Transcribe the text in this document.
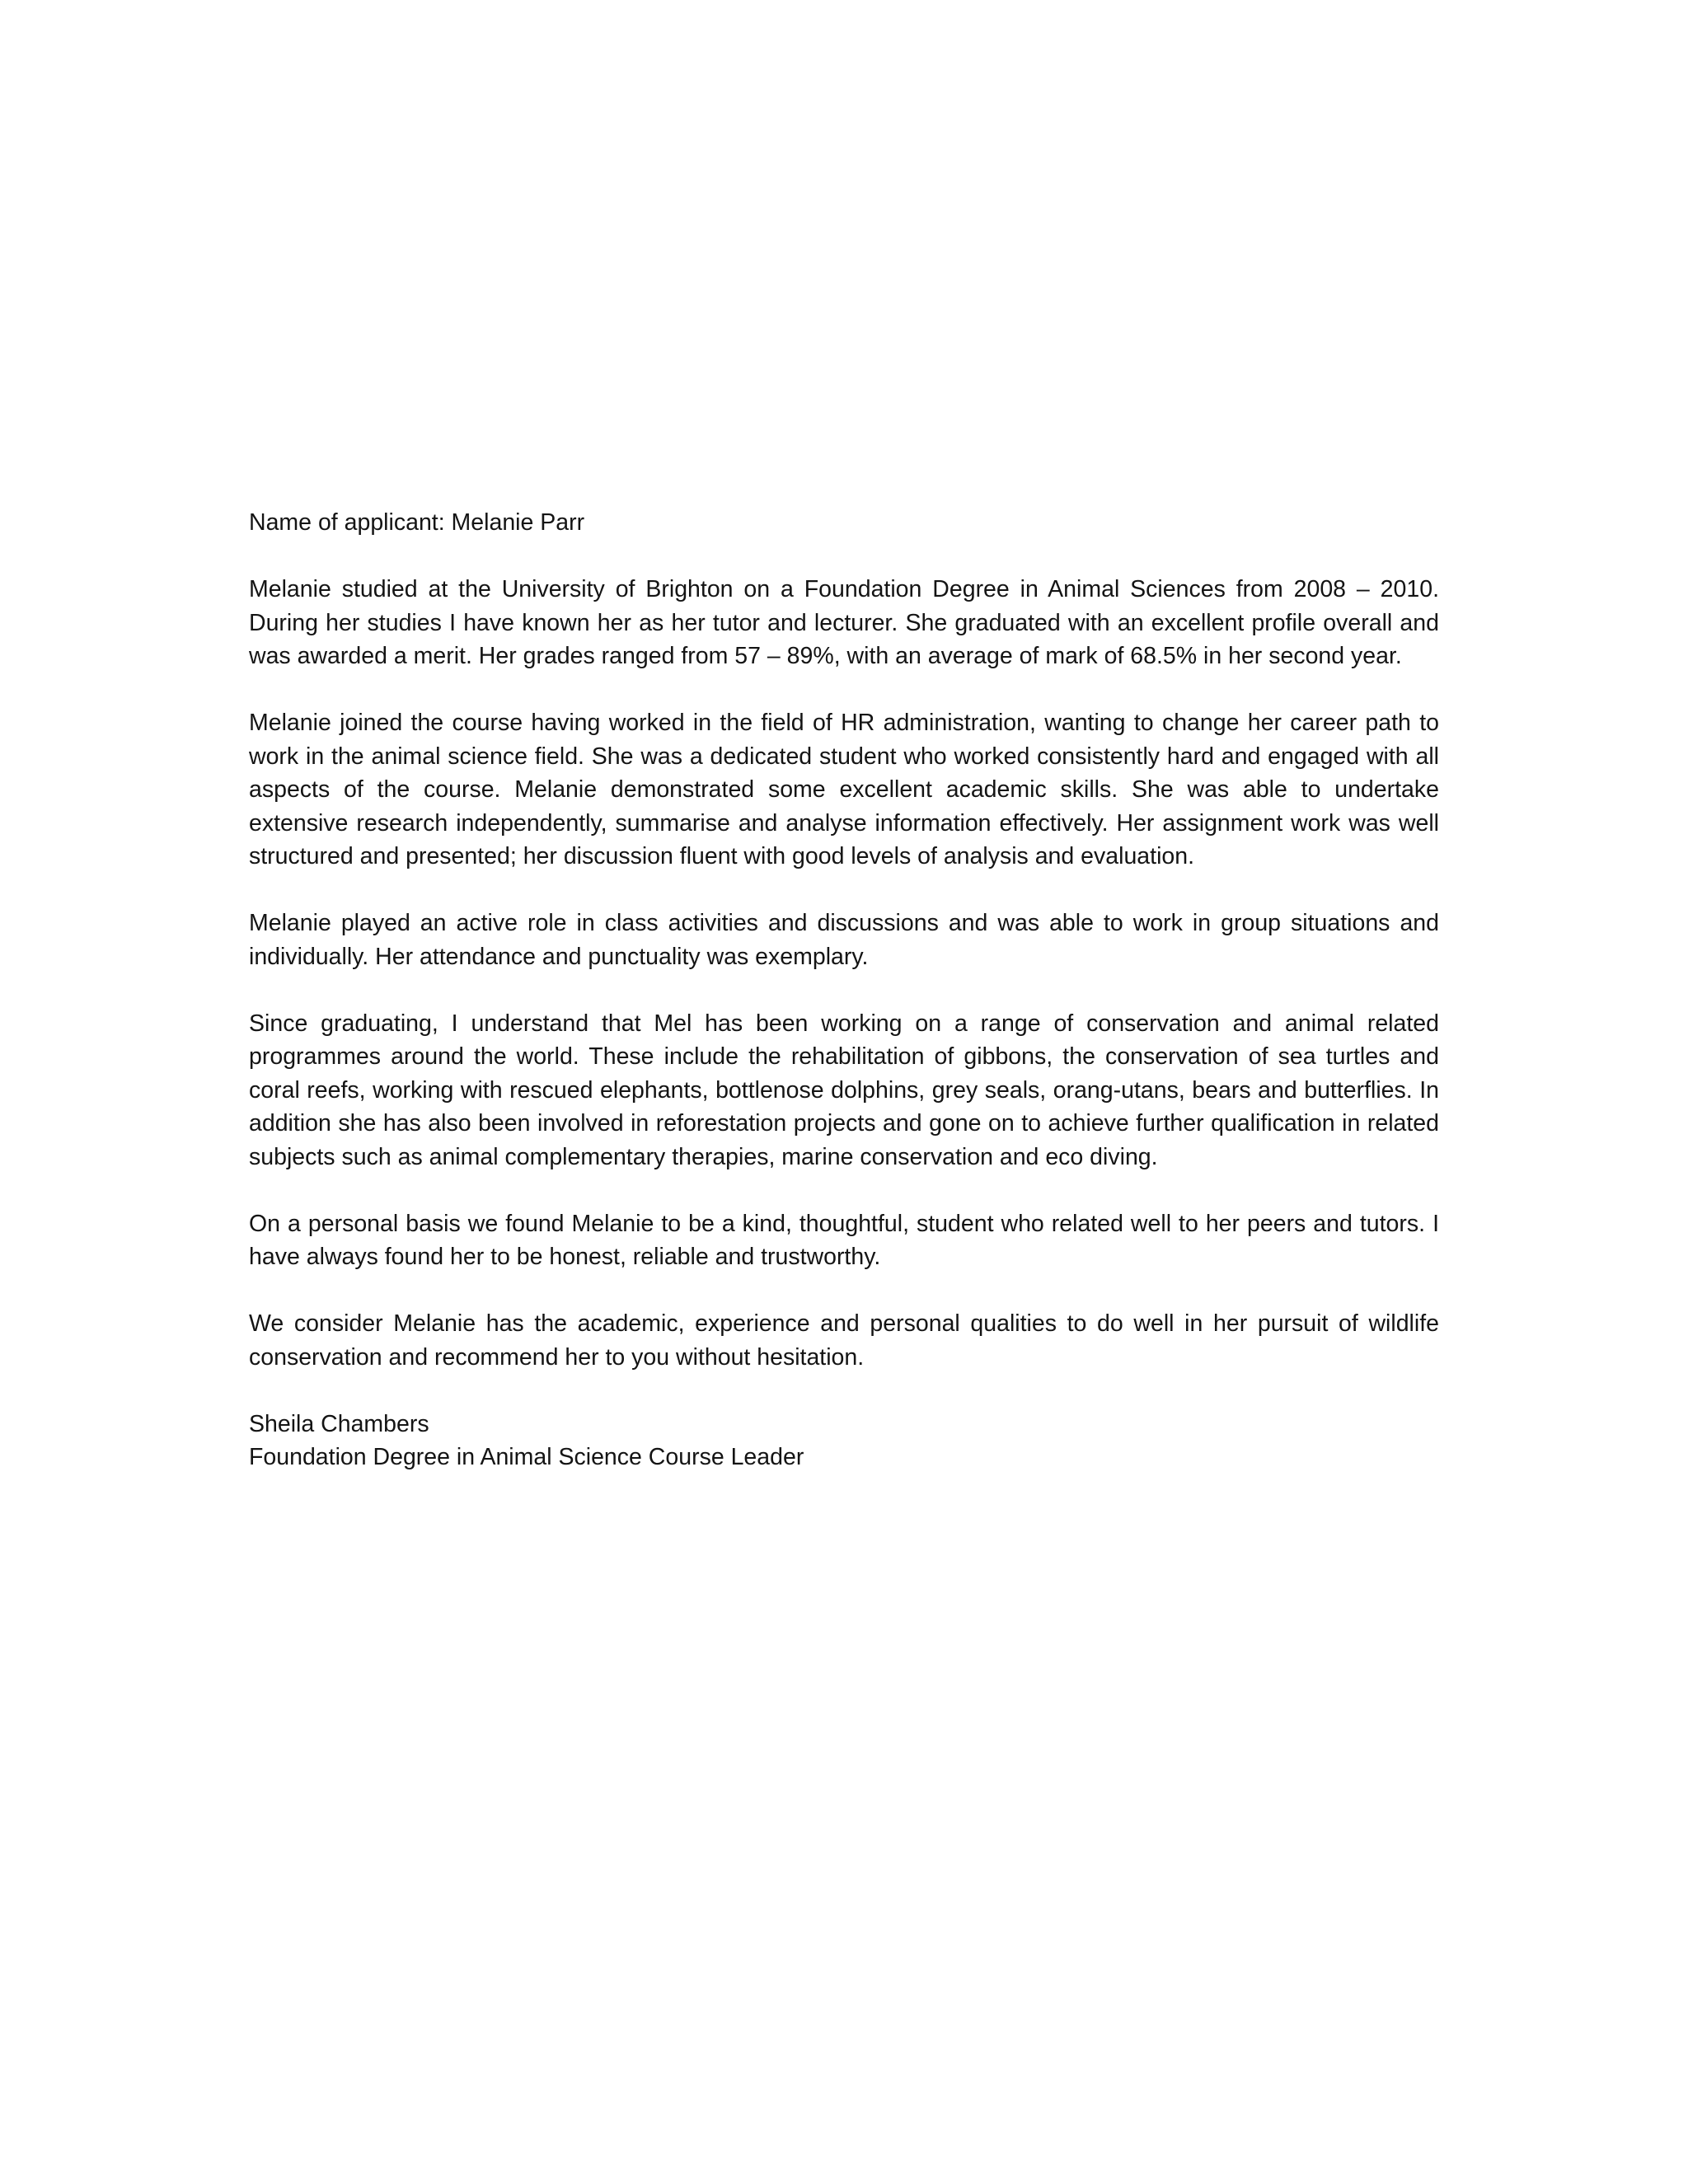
Name of applicant: Melanie Parr

Melanie studied at the University of Brighton on a Foundation Degree in Animal Sciences from 2008 – 2010. During her studies I have known her as her tutor and lecturer. She graduated with an excellent profile overall and was awarded a merit. Her grades ranged from 57 – 89%, with an average of mark of 68.5% in her second year.

Melanie joined the course having worked in the field of HR administration, wanting to change her career path to work in the animal science field. She was a dedicated student who worked consistently hard and engaged with all aspects of the course. Melanie demonstrated some excellent academic skills. She was able to undertake extensive research independently, summarise and analyse information effectively. Her assignment work was well structured and presented; her discussion fluent with good levels of analysis and evaluation.

Melanie played an active role in class activities and discussions and was able to work in group situations and individually. Her attendance and punctuality was exemplary.

Since graduating, I understand that Mel has been working on a range of conservation and animal related programmes around the world. These include the rehabilitation of gibbons, the conservation of sea turtles and coral reefs, working with rescued elephants, bottlenose dolphins, grey seals, orang-utans, bears and butterflies. In addition she has also been involved in reforestation projects and gone on to achieve further qualification in related subjects such as animal complementary therapies, marine conservation and eco diving.

On a personal basis we found Melanie to be a kind, thoughtful, student who related well to her peers and tutors. I have always found her to be honest, reliable and trustworthy.

We consider Melanie has the academic, experience and personal qualities to do well in her pursuit of wildlife conservation and recommend her to you without hesitation.

Sheila Chambers
Foundation Degree in Animal Science Course Leader
